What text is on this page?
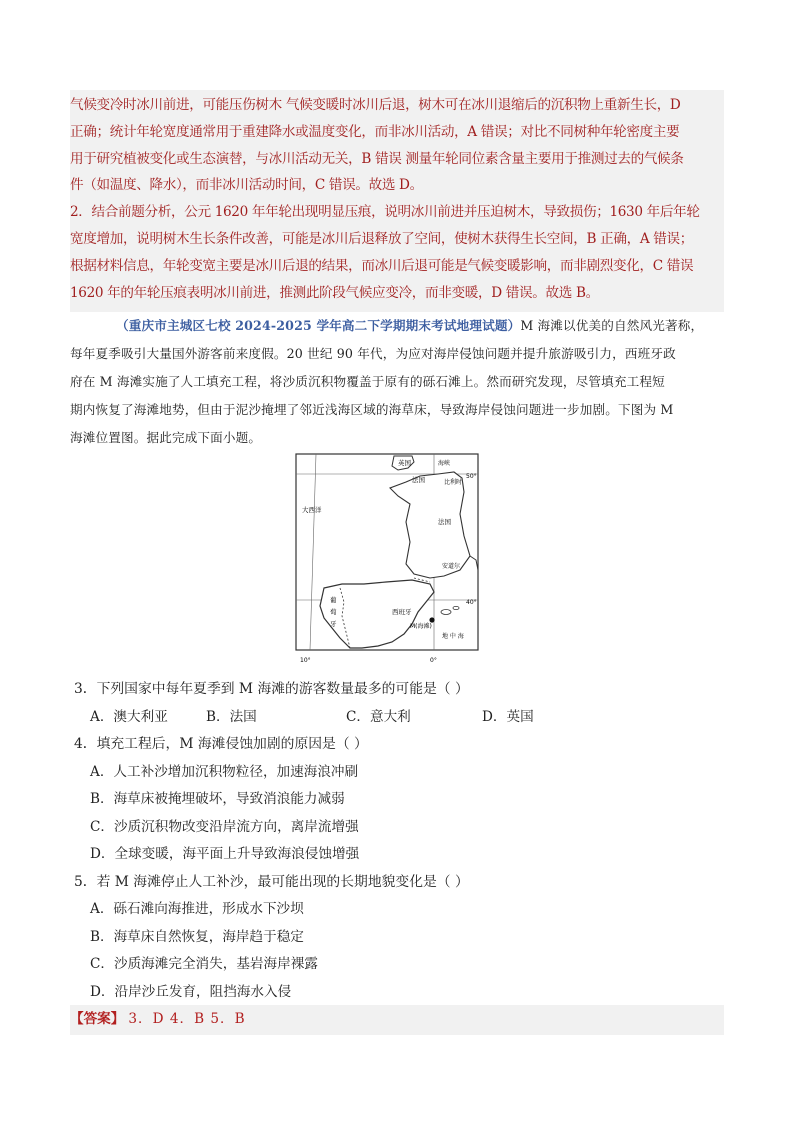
气候变冷时冰川前进，可能压伤树木 气候变暖时冰川后退，树木可在冰川退缩后的沉积物上重新生长，D

正确；统计年轮宽度通常用于重建降水或温度变化，而非冰川活动，A 错误；对比不同树种年轮密度主要

用于研究植被变化或生态演替，与冰川活动无关，B 错误 测量年轮同位素含量主要用于推测过去的气候条

件（如温度、降水），而非冰川活动时间，C 错误。故选 D。

2．结合前题分析，公元 1620 年年轮出现明显压痕，说明冰川前进并压迫树木，导致损伤；1630 年后年轮

宽度增加，说明树木生长条件改善，可能是冰川后退释放了空间，使树木获得生长空间，B 正确，A 错误；

根据材料信息，年轮变宽主要是冰川后退的结果，而冰川后退可能是气候变暖影响，而非剧烈变化，C 错误

1620 年的年轮压痕表明冰川前进，推测此阶段气候应变冷，而非变暖，D 错误。故选 B。

（重庆市主城区七校 2024-2025 学年高二下学期期末考试地理试题）M 海滩以优美的自然风光著称，

每年夏季吸引大量国外游客前来度假。20 世纪 90 年代，为应对海岸侵蚀问题并提升旅游吸引力，西班牙政

府在 M 海滩实施了人工填充工程，将沙质沉积物覆盖于原有的砾石滩上。然而研究发现，尽管填充工程短

期内恢复了海滩地势，但由于泥沙掩埋了邻近浅海区域的海草床，导致海岸侵蚀问题进一步加剧。下图为 M

海滩位置图。据此完成下面小题。

英国	海峡
比利时
法国
法国
安道尔
西班牙
葡
萄
牙
大西洋
M(海滩)
地 中 海
50°
40°
10°	0°

3．下列国家中每年夏季到 M 海滩的游客数量最多的可能是（ ）

A．澳大利亚	B．法国	C．意大利	D．英国

4．填充工程后，M 海滩侵蚀加剧的原因是（ ）

A．人工补沙增加沉积物粒径，加速海浪冲刷

B．海草床被掩埋破坏，导致消浪能力减弱

C．沙质沉积物改变沿岸流方向，离岸流增强

D．全球变暖，海平面上升导致海浪侵蚀增强

5．若 M 海滩停止人工补沙，最可能出现的长期地貌变化是（ ）

A．砾石滩向海推进，形成水下沙坝

B．海草床自然恢复，海岸趋于稳定

C．沙质海滩完全消失，基岩海岸裸露

D．沿岸沙丘发育，阻挡海水入侵

【答案】 3．D 4．B 5．B
